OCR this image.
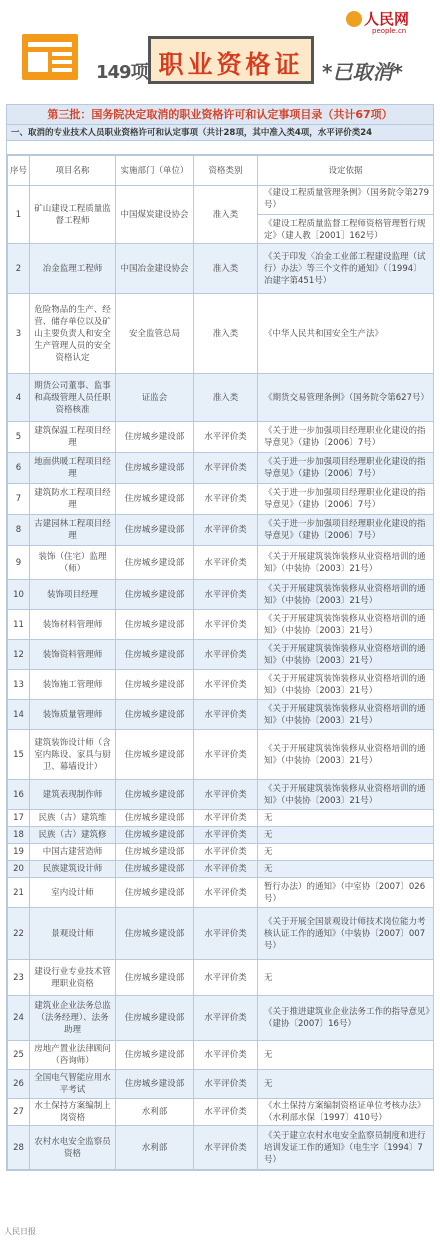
149项 职业资格证 *已取消*
人民网
people.cn
第三批：国务院决定取消的职业资格许可和认定事项目录（共计67项）
一、取消的专业技术人员职业资格许可和认定事项（共计28项，其中准入类4项，水平评价类24
序号	项目名称	实施部门（单位）	资格类别	设定依据
1	矿山建设工程质量监督工程师	中国煤炭建设协会	准入类	《建设工程质量管理条例》（国务院令第279号）
《建设工程质量监督工程师资格管理暂行规定》（建人教［2001］162号）

2	冶金监理工程师	中国冶金建设协会	准入类	《关于印发〈冶金工业部工程建设监理（试行）办法〉等三个文件的通知》（〔1994〕冶建字第451号）

3	危险物品的生产、经营、储存单位以及矿山主要负责人和安全生产管理人员的安全资格认定	安全监管总局	准入类	《中华人民共和国安全生产法》

4	期货公司董事、监事和高级管理人员任职资格核准	证监会	准入类	《期货交易管理条例》（国务院令第627号）

5	建筑保温工程项目经理	住房城乡建设部	水平评价类	《关于进一步加强项目经理职业化建设的指导意见》（建协〔2006〕7号）

6	地面供暖工程项目经理	住房城乡建设部	水平评价类	《关于进一步加强项目经理职业化建设的指导意见》（建协〔2006〕7号）

7	建筑防水工程项目经理	住房城乡建设部	水平评价类	《关于进一步加强项目经理职业化建设的指导意见》（建协〔2006〕7号）

8	古建园林工程项目经理	住房城乡建设部	水平评价类	《关于进一步加强项目经理职业化建设的指导意见》（建协〔2006〕7号）

9	装饰（住宅）监理（师）	住房城乡建设部	水平评价类	《关于开展建筑装饰装修从业资格培训的通知》（中装协〔2003〕21号）

10	装饰项目经理	住房城乡建设部	水平评价类	《关于开展建筑装饰装修从业资格培训的通知》（中装协〔2003〕21号）

11	装饰材料管理师	住房城乡建设部	水平评价类	《关于开展建筑装饰装修从业资格培训的通知》（中装协〔2003〕21号）

12	装饰资料管理师	住房城乡建设部	水平评价类	《关于开展建筑装饰装修从业资格培训的通知》（中装协〔2003〕21号）

13	装饰施工管理师	住房城乡建设部	水平评价类	《关于开展建筑装饰装修从业资格培训的通知》（中装协〔2003〕21号）

14	装饰质量管理师	住房城乡建设部	水平评价类	《关于开展建筑装饰装修从业资格培训的通知》（中装协〔2003〕21号）

15	建筑装饰设计师（含室内陈设、家具与厨卫、幕墙设计）	住房城乡建设部	水平评价类	《关于开展建筑装饰装修从业资格培训的通知》（中装协〔2003〕21号）

16	建筑表现制作师	住房城乡建设部	水平评价类	《关于开展建筑装饰装修从业资格培训的通知》（中装协〔2003〕21号）

17	民族（古）建筑维	住房城乡建设部	水平评价类	无

18	民族（古）建筑修	住房城乡建设部	水平评价类	无

19	中国古建营造师	住房城乡建设部	水平评价类	无

20	民族建筑设计师	住房城乡建设部	水平评价类	无

21	室内设计师	住房城乡建设部	水平评价类	暂行办法）的通知》（中室协〔2007〕026号）

22	景观设计师	住房城乡建设部	水平评价类	《关于开展全国景观设计师技术岗位能力考核认证工作的通知》（中装协〔2007〕007号）

23	建设行业专业技术管理职业资格	住房城乡建设部	水平评价类	无

24	建筑业企业法务总监（法务经理）、法务助理	住房城乡建设部	水平评价类	《关于推进建筑业企业法务工作的指导意见》（建协〔2007〕16号）

25	房地产置业法律顾问（咨询师）	住房城乡建设部	水平评价类	无

26	全国电气智能应用水平考试	住房城乡建设部	水平评价类	无

27	水土保持方案编制上岗资格	水利部	水平评价类	《水土保持方案编制资格证单位考核办法》（水利部水保〔1997〕410号）

28	农村水电安全监察员资格	水利部	水平评价类	《关于建立农村水电安全监察员制度和进行培训发证工作的通知》（电生字〔1994〕7号）
人民日报
